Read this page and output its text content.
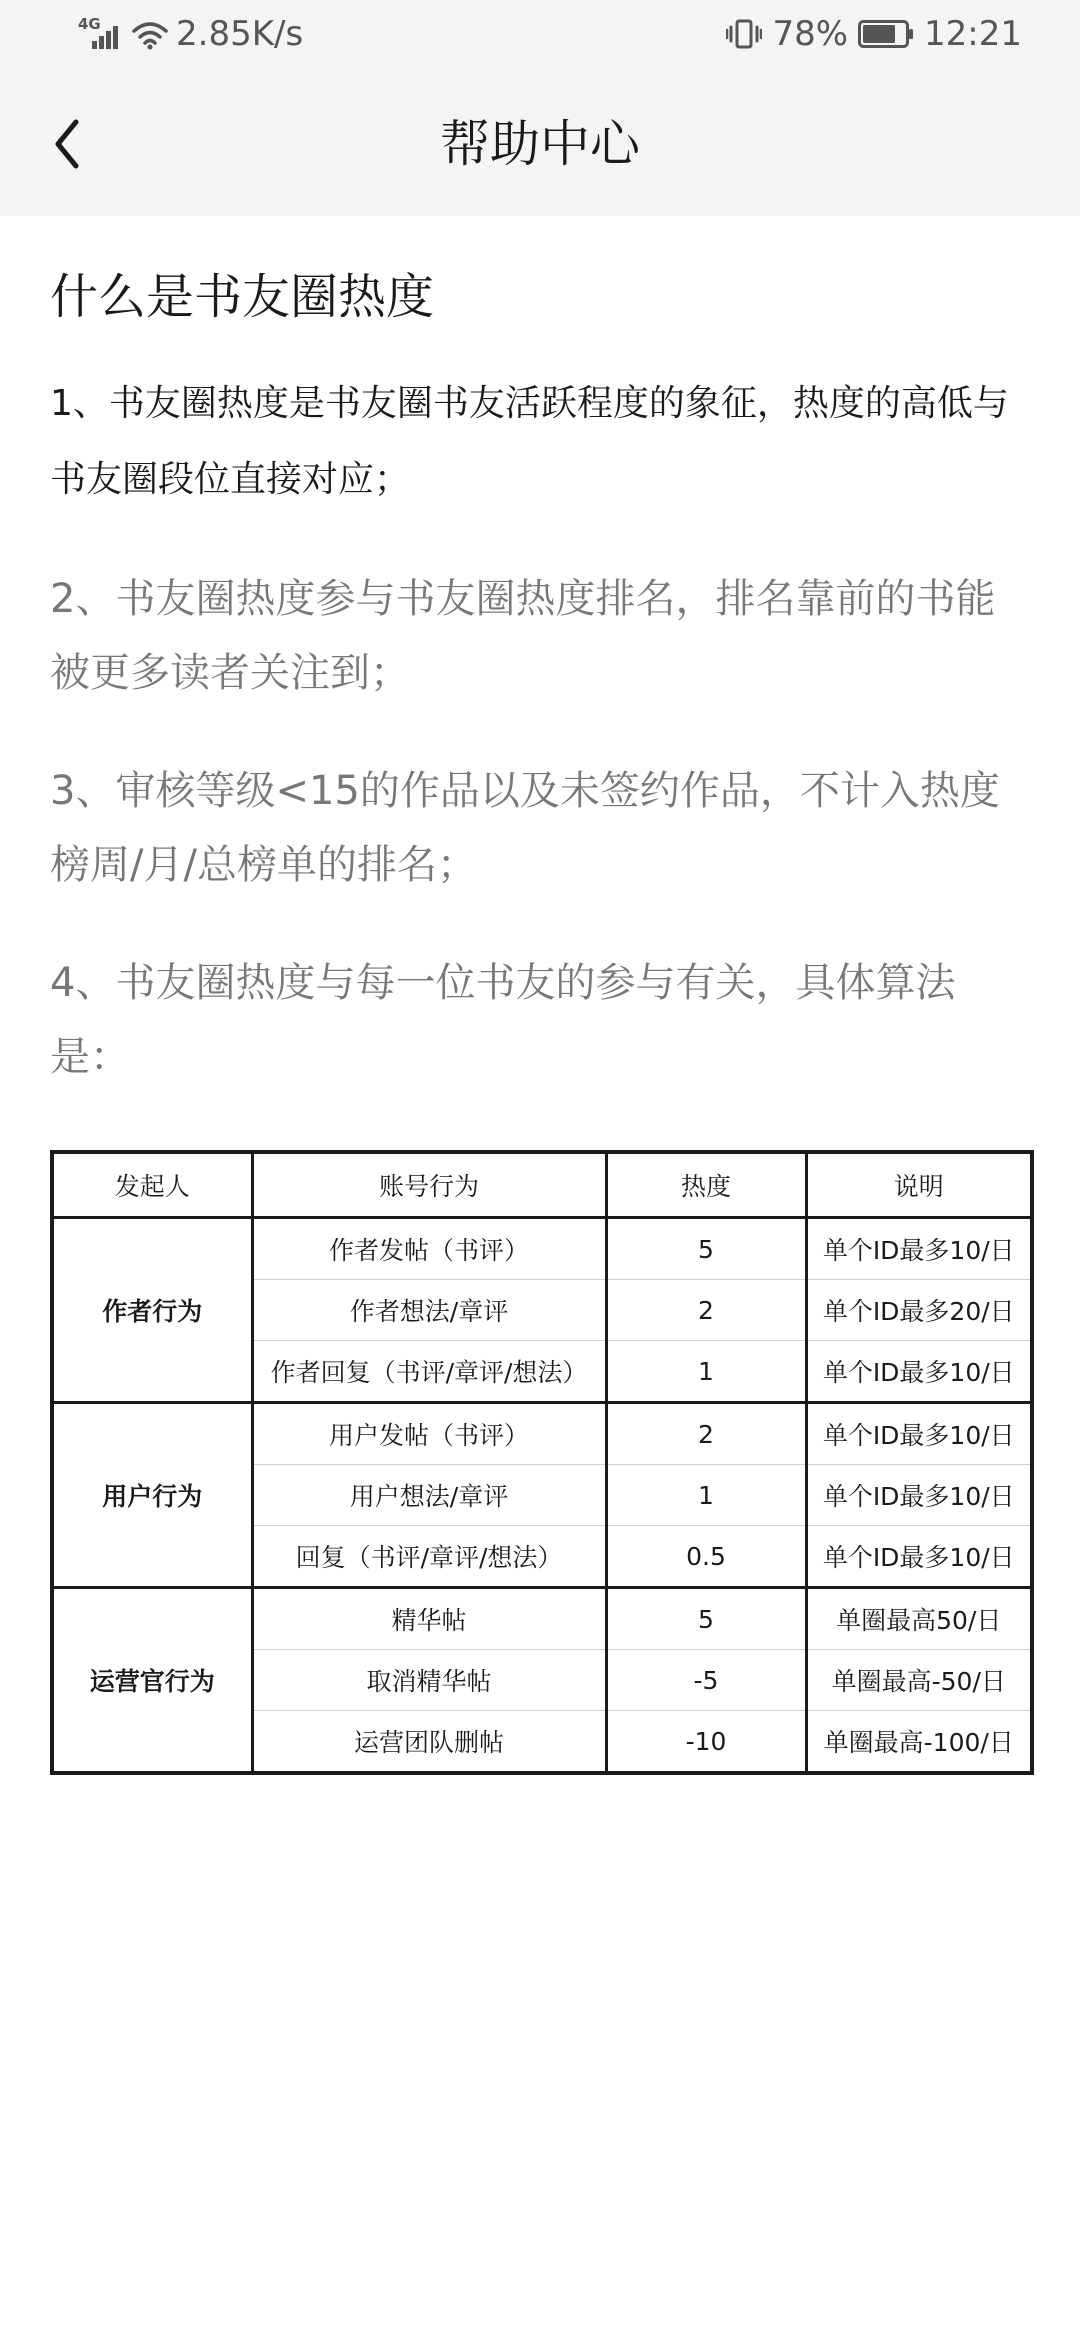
4G 2.85K/s	78% 12:21
帮助中心
什么是书友圈热度

1、书友圈热度是书友圈书友活跃程度的象征，热度的高低与书友圈段位直接对应；

2、书友圈热度参与书友圈热度排名，排名靠前的书能被更多读者关注到；

3、审核等级<15的作品以及未签约作品，不计入热度榜周/月/总榜单的排名；

4、书友圈热度与每一位书友的参与有关，具体算法是：

发起人	账号行为	热度	说明
作者行为	作者发帖（书评）	5	单个ID最多10/日
	作者想法/章评	2	单个ID最多20/日
	作者回复（书评/章评/想法）	1	单个ID最多10/日
用户行为	用户发帖（书评）	2	单个ID最多10/日
	用户想法/章评	1	单个ID最多10/日
	回复（书评/章评/想法）	0.5	单个ID最多10/日
运营官行为	精华帖	5	单圈最高50/日
	取消精华帖	-5	单圈最高-50/日
	运营团队删帖	-10	单圈最高-100/日
